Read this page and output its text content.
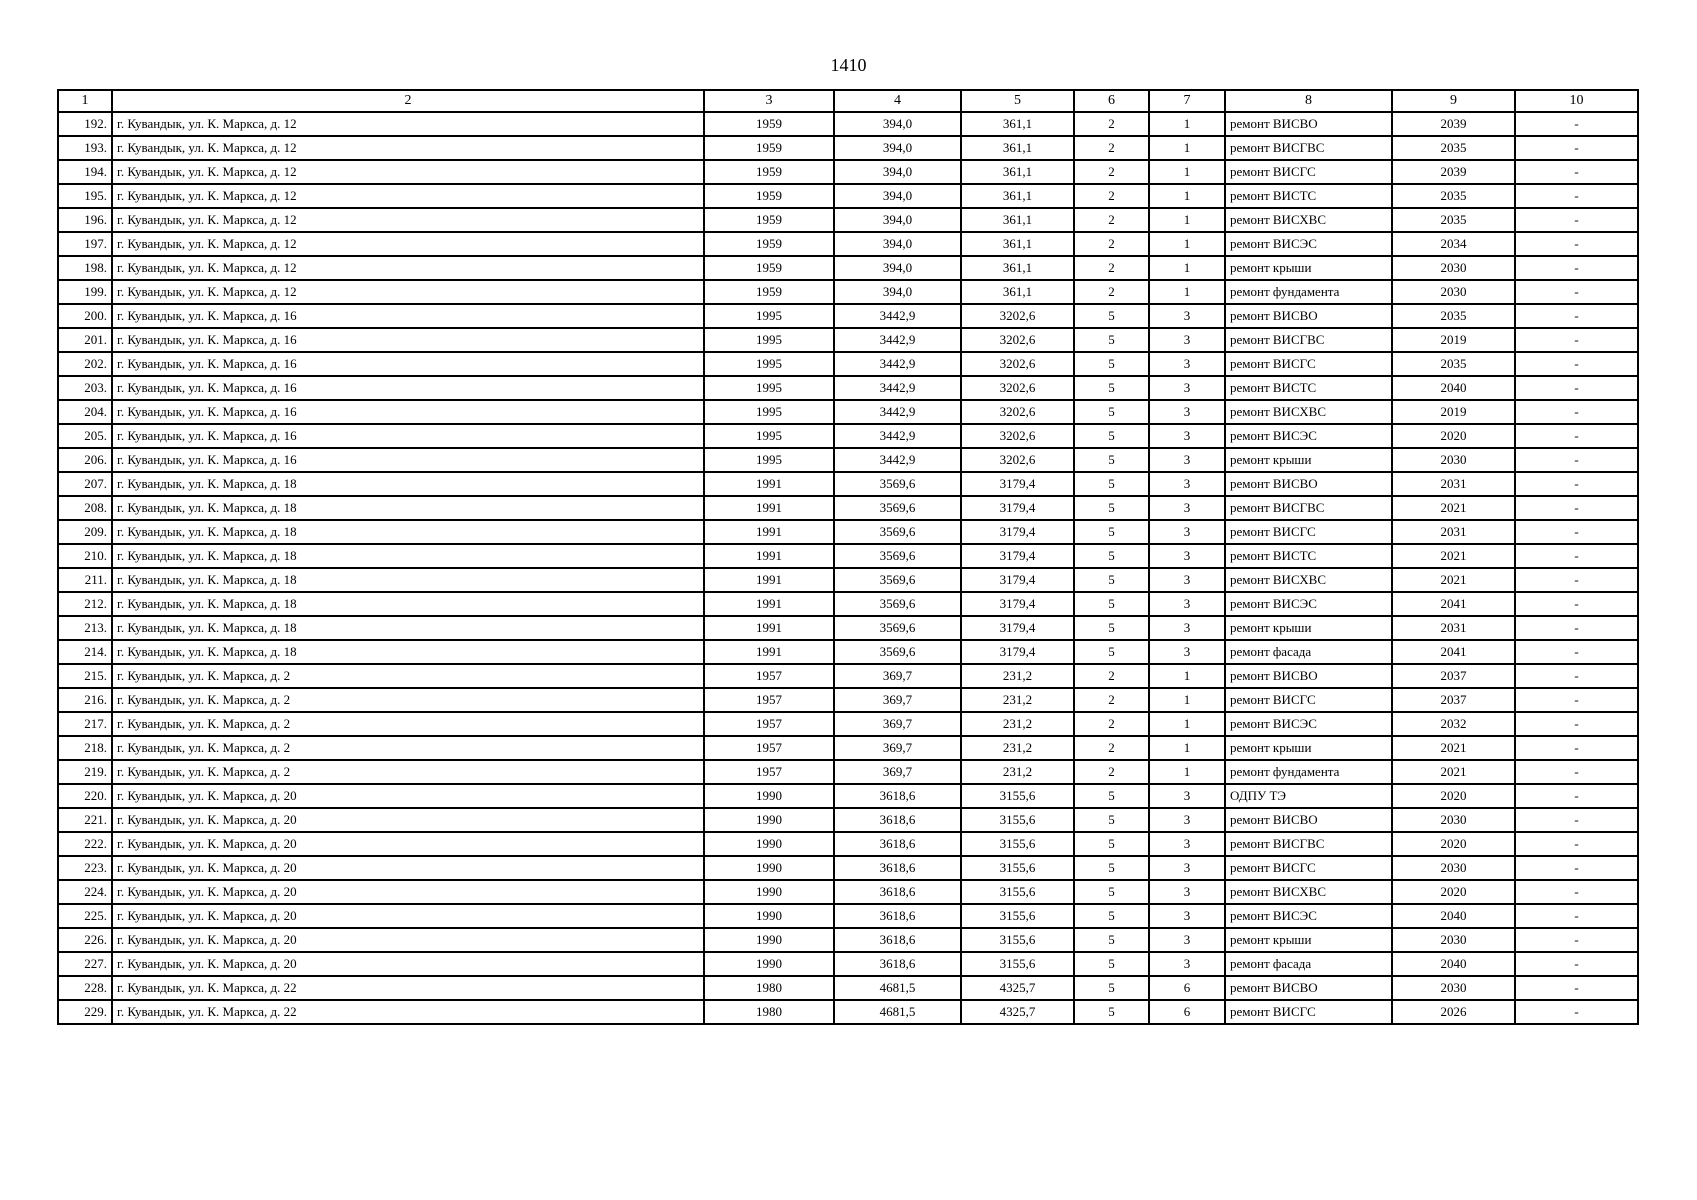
1410
1	2	3	4	5	6	7	8	9	10
192.	г. Кувандык, ул. К. Маркса, д. 12	1959	394,0	361,1	2	1	ремонт ВИСВО	2039	-
193.	г. Кувандык, ул. К. Маркса, д. 12	1959	394,0	361,1	2	1	ремонт ВИСГВС	2035	-
194.	г. Кувандык, ул. К. Маркса, д. 12	1959	394,0	361,1	2	1	ремонт ВИСГС	2039	-
195.	г. Кувандык, ул. К. Маркса, д. 12	1959	394,0	361,1	2	1	ремонт ВИСТС	2035	-
196.	г. Кувандык, ул. К. Маркса, д. 12	1959	394,0	361,1	2	1	ремонт ВИСХВС	2035	-
197.	г. Кувандык, ул. К. Маркса, д. 12	1959	394,0	361,1	2	1	ремонт ВИСЭС	2034	-
198.	г. Кувандык, ул. К. Маркса, д. 12	1959	394,0	361,1	2	1	ремонт крыши	2030	-
199.	г. Кувандык, ул. К. Маркса, д. 12	1959	394,0	361,1	2	1	ремонт фундамента	2030	-
200.	г. Кувандык, ул. К. Маркса, д. 16	1995	3442,9	3202,6	5	3	ремонт ВИСВО	2035	-
201.	г. Кувандык, ул. К. Маркса, д. 16	1995	3442,9	3202,6	5	3	ремонт ВИСГВС	2019	-
202.	г. Кувандык, ул. К. Маркса, д. 16	1995	3442,9	3202,6	5	3	ремонт ВИСГС	2035	-
203.	г. Кувандык, ул. К. Маркса, д. 16	1995	3442,9	3202,6	5	3	ремонт ВИСТС	2040	-
204.	г. Кувандык, ул. К. Маркса, д. 16	1995	3442,9	3202,6	5	3	ремонт ВИСХВС	2019	-
205.	г. Кувандык, ул. К. Маркса, д. 16	1995	3442,9	3202,6	5	3	ремонт ВИСЭС	2020	-
206.	г. Кувандык, ул. К. Маркса, д. 16	1995	3442,9	3202,6	5	3	ремонт крыши	2030	-
207.	г. Кувандык, ул. К. Маркса, д. 18	1991	3569,6	3179,4	5	3	ремонт ВИСВО	2031	-
208.	г. Кувандык, ул. К. Маркса, д. 18	1991	3569,6	3179,4	5	3	ремонт ВИСГВС	2021	-
209.	г. Кувандык, ул. К. Маркса, д. 18	1991	3569,6	3179,4	5	3	ремонт ВИСГС	2031	-
210.	г. Кувандык, ул. К. Маркса, д. 18	1991	3569,6	3179,4	5	3	ремонт ВИСТС	2021	-
211.	г. Кувандык, ул. К. Маркса, д. 18	1991	3569,6	3179,4	5	3	ремонт ВИСХВС	2021	-
212.	г. Кувандык, ул. К. Маркса, д. 18	1991	3569,6	3179,4	5	3	ремонт ВИСЭС	2041	-
213.	г. Кувандык, ул. К. Маркса, д. 18	1991	3569,6	3179,4	5	3	ремонт крыши	2031	-
214.	г. Кувандык, ул. К. Маркса, д. 18	1991	3569,6	3179,4	5	3	ремонт фасада	2041	-
215.	г. Кувандык, ул. К. Маркса, д. 2	1957	369,7	231,2	2	1	ремонт ВИСВО	2037	-
216.	г. Кувандык, ул. К. Маркса, д. 2	1957	369,7	231,2	2	1	ремонт ВИСГС	2037	-
217.	г. Кувандык, ул. К. Маркса, д. 2	1957	369,7	231,2	2	1	ремонт ВИСЭС	2032	-
218.	г. Кувандык, ул. К. Маркса, д. 2	1957	369,7	231,2	2	1	ремонт крыши	2021	-
219.	г. Кувандык, ул. К. Маркса, д. 2	1957	369,7	231,2	2	1	ремонт фундамента	2021	-
220.	г. Кувандык, ул. К. Маркса, д. 20	1990	3618,6	3155,6	5	3	ОДПУ ТЭ	2020	-
221.	г. Кувандык, ул. К. Маркса, д. 20	1990	3618,6	3155,6	5	3	ремонт ВИСВО	2030	-
222.	г. Кувандык, ул. К. Маркса, д. 20	1990	3618,6	3155,6	5	3	ремонт ВИСГВС	2020	-
223.	г. Кувандык, ул. К. Маркса, д. 20	1990	3618,6	3155,6	5	3	ремонт ВИСГС	2030	-
224.	г. Кувандык, ул. К. Маркса, д. 20	1990	3618,6	3155,6	5	3	ремонт ВИСХВС	2020	-
225.	г. Кувандык, ул. К. Маркса, д. 20	1990	3618,6	3155,6	5	3	ремонт ВИСЭС	2040	-
226.	г. Кувандык, ул. К. Маркса, д. 20	1990	3618,6	3155,6	5	3	ремонт крыши	2030	-
227.	г. Кувандык, ул. К. Маркса, д. 20	1990	3618,6	3155,6	5	3	ремонт фасада	2040	-
228.	г. Кувандык, ул. К. Маркса, д. 22	1980	4681,5	4325,7	5	6	ремонт ВИСВО	2030	-
229.	г. Кувандык, ул. К. Маркса, д. 22	1980	4681,5	4325,7	5	6	ремонт ВИСГС	2026	-
